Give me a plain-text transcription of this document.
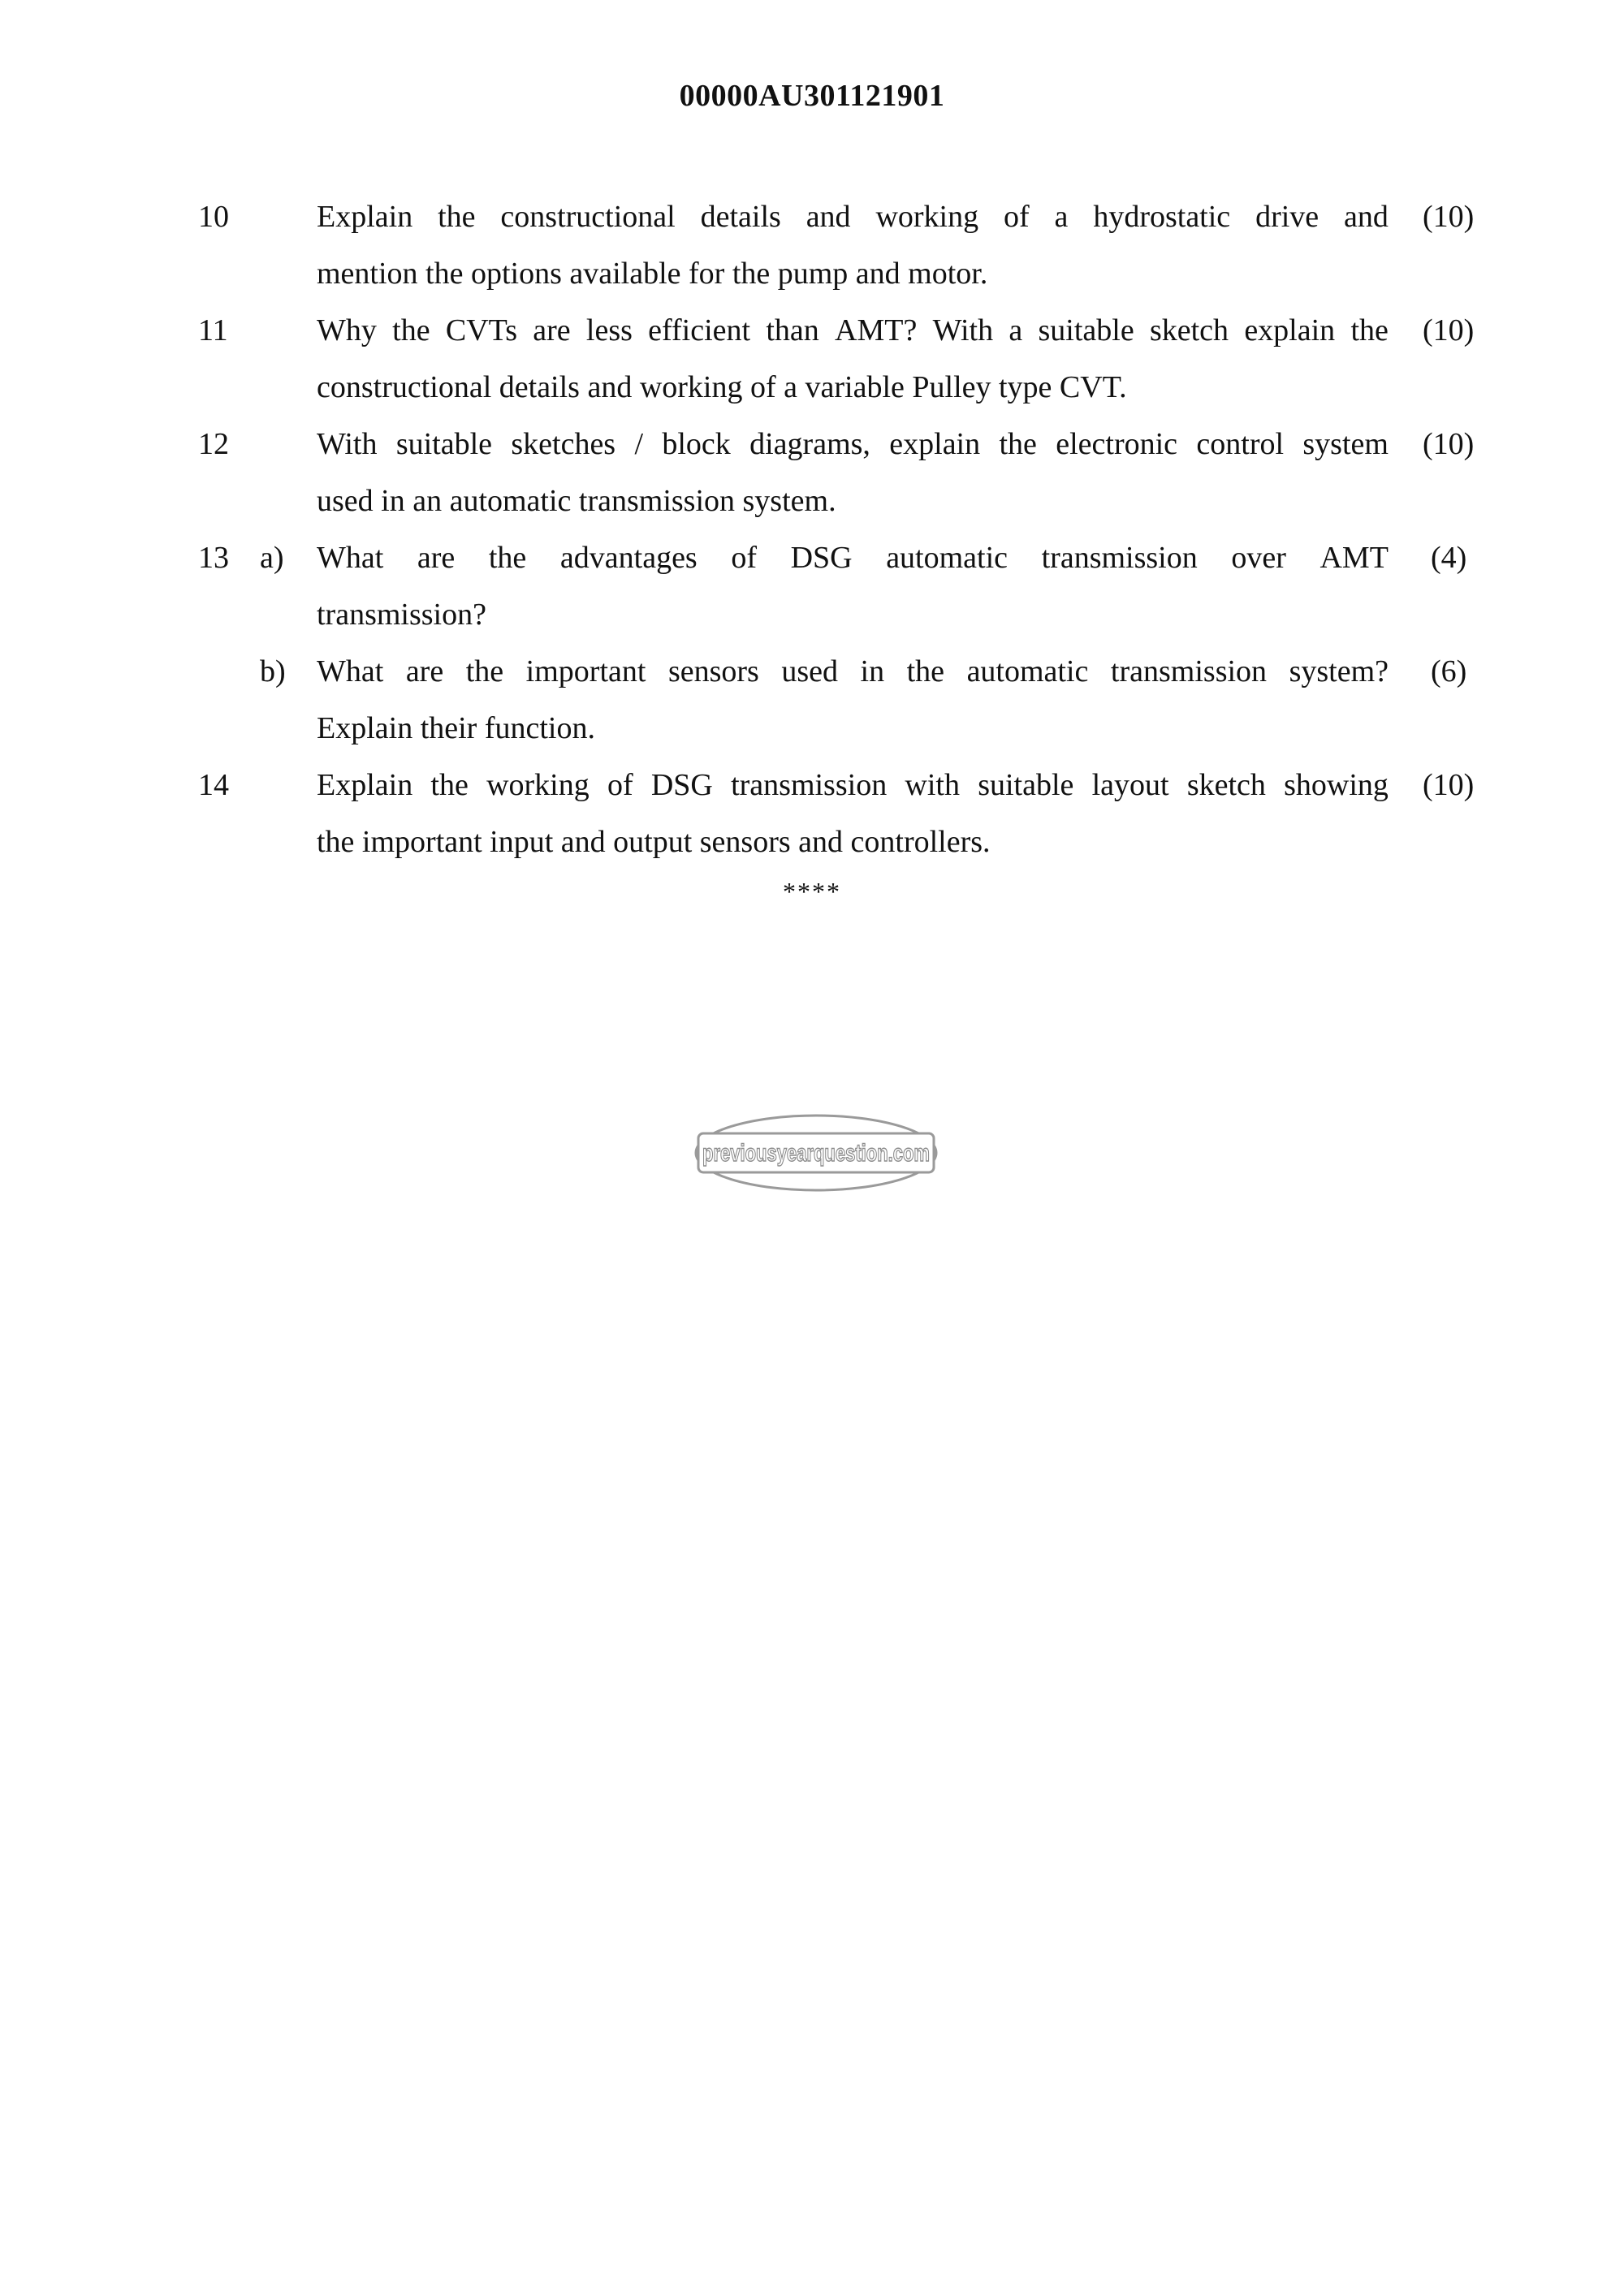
00000AU301121901
10	Explain the constructional details and working of a hydrostatic drive and
mention the options available for the pump and motor.
(10)
11	Why the CVTs are less efficient than AMT? With a suitable sketch explain the
constructional details and working of a variable Pulley type CVT.
(10)
12	With suitable sketches / block diagrams, explain the electronic control system
used in an automatic transmission system.
(10)
13 a) What are the advantages of DSG automatic transmission over AMT
transmission?
(4)
b) What are the important sensors used in the automatic transmission system?
Explain their function.
(6)
14	Explain the working of DSG transmission with suitable layout sketch showing
the important input and output sensors and controllers.
(10)
****
previousyearquestion.com
